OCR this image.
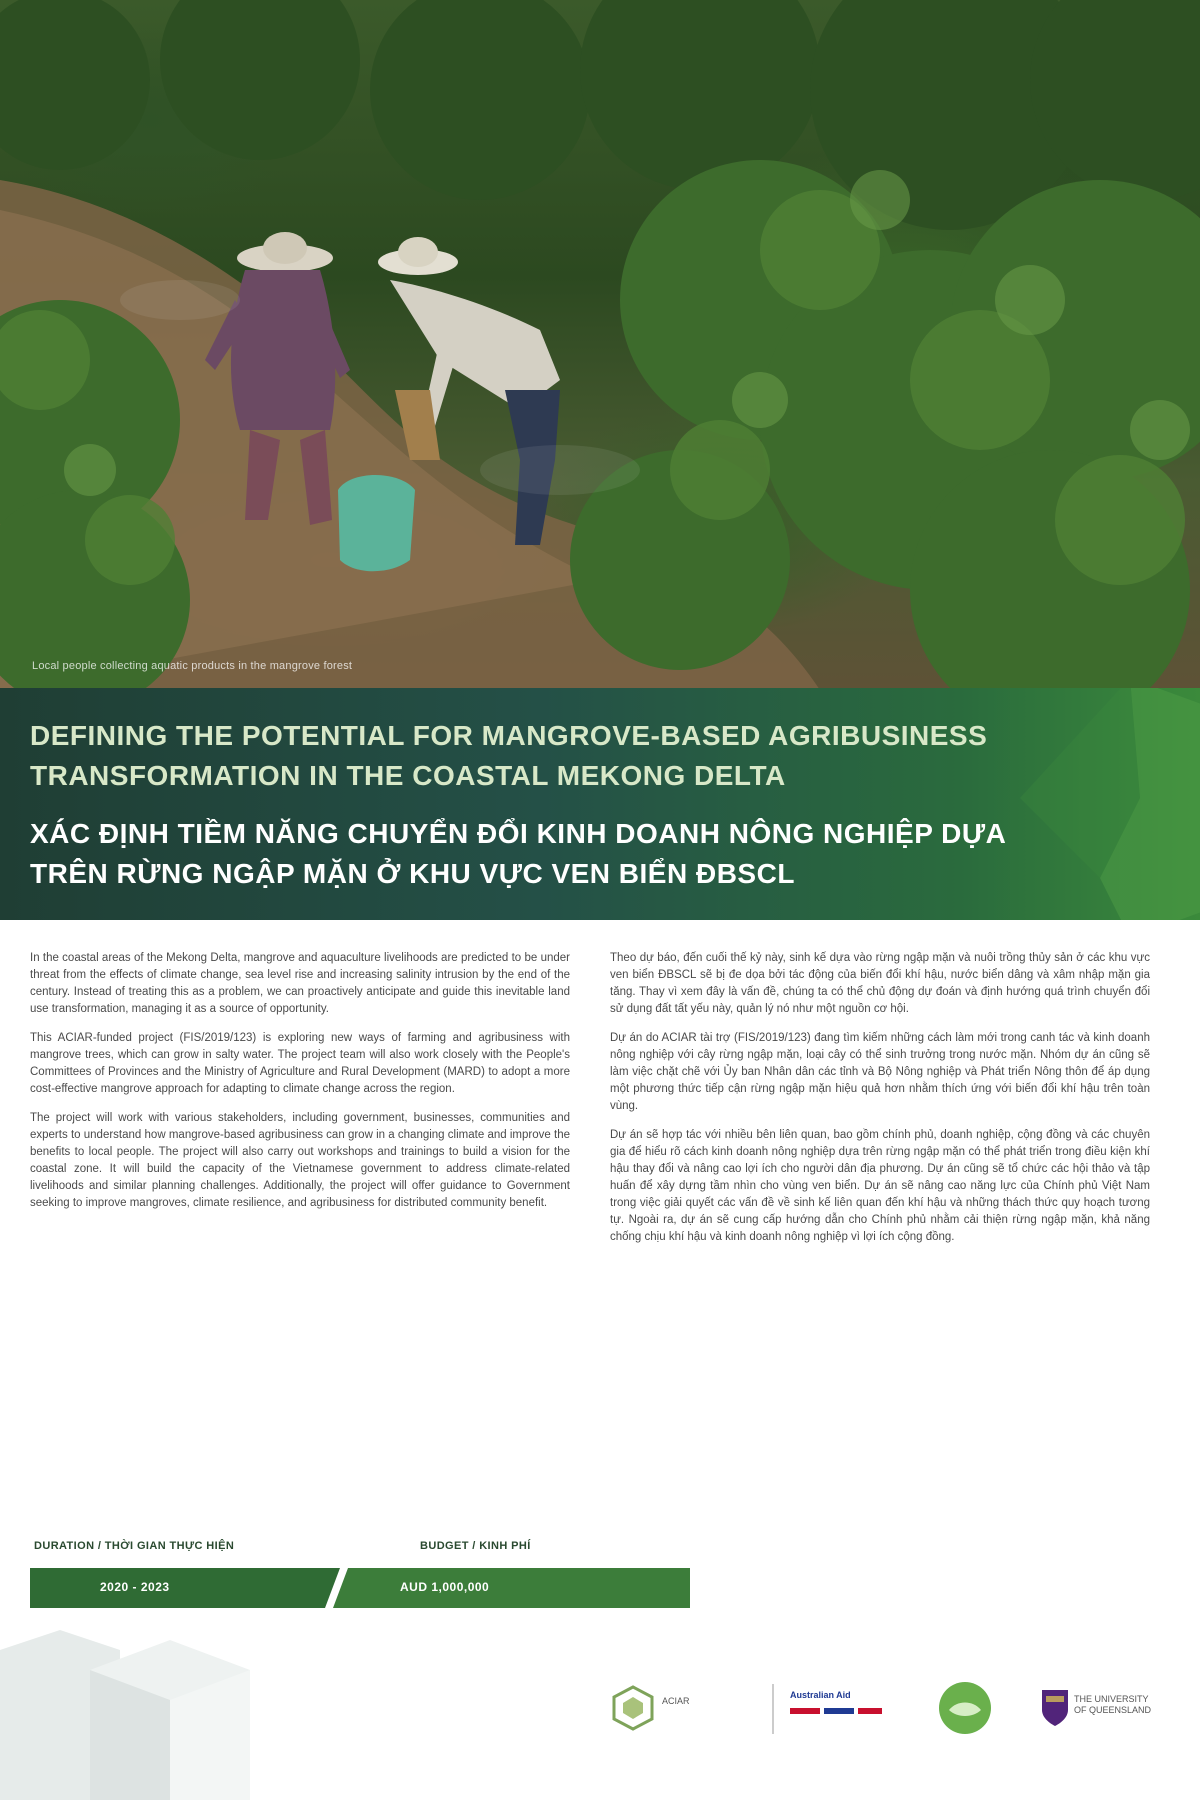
Local people collecting aquatic products in the mangrove forest
DEFINING THE POTENTIAL FOR MANGROVE-BASED AGRIBUSINESS TRANSFORMATION IN THE COASTAL MEKONG DELTA
XÁC ĐỊNH TIỀM NĂNG CHUYỂN ĐỔI KINH DOANH NÔNG NGHIỆP DỰA TRÊN RỪNG NGẬP MẶN Ở KHU VỰC VEN BIỂN ĐBSCL

In the coastal areas of the Mekong Delta, mangrove and aquaculture livelihoods are predicted to be under threat from the effects of climate change, sea level rise and increasing salinity intrusion by the end of the century. Instead of treating this as a problem, we can proactively anticipate and guide this inevitable land use transformation, managing it as a source of opportunity.

This ACIAR-funded project (FIS/2019/123) is exploring new ways of farming and agribusiness with mangrove trees, which can grow in salty water. The project team will also work closely with the People's Committees of Provinces and the Ministry of Agriculture and Rural Development (MARD) to adopt a more cost-effective mangrove approach for adapting to climate change across the region.

The project will work with various stakeholders, including government, businesses, communities and experts to understand how mangrove-based agribusiness can grow in a changing climate and improve the benefits to local people. The project will also carry out workshops and trainings to build a vision for the coastal zone. It will build the capacity of the Vietnamese government to address climate-related livelihoods and similar planning challenges. Additionally, the project will offer guidance to Government seeking to improve mangroves, climate resilience, and agribusiness for distributed community benefit.

Theo dự báo, đến cuối thế kỷ này, sinh kế dựa vào rừng ngập mặn và nuôi trồng thủy sản ở các khu vực ven biển ĐBSCL sẽ bị đe dọa bởi tác động của biến đổi khí hậu, nước biển dâng và xâm nhập mặn gia tăng. Thay vì xem đây là vấn đề, chúng ta có thể chủ động dự đoán và định hướng quá trình chuyển đổi sử dụng đất tất yếu này, quản lý nó như một nguồn cơ hội.

Dự án do ACIAR tài trợ (FIS/2019/123) đang tìm kiếm những cách làm mới trong canh tác và kinh doanh nông nghiệp với cây rừng ngập mặn, loại cây có thể sinh trưởng trong nước mặn. Nhóm dự án cũng sẽ làm việc chặt chẽ với Ủy ban Nhân dân các tỉnh và Bộ Nông nghiệp và Phát triển Nông thôn để áp dụng một phương thức tiếp cận rừng ngập mặn hiệu quả hơn nhằm thích ứng với biến đổi khí hậu trên toàn vùng.

Dự án sẽ hợp tác với nhiều bên liên quan, bao gồm chính phủ, doanh nghiệp, cộng đồng và các chuyên gia để hiểu rõ cách kinh doanh nông nghiệp dựa trên rừng ngập mặn có thể phát triển trong điều kiện khí hậu thay đổi và nâng cao lợi ích cho người dân địa phương. Dự án cũng sẽ tổ chức các hội thảo và tập huấn để xây dựng tầm nhìn cho vùng ven biển. Dự án sẽ nâng cao năng lực của Chính phủ Việt Nam trong việc giải quyết các vấn đề về sinh kế liên quan đến khí hậu và những thách thức quy hoạch tương tự. Ngoài ra, dự án sẽ cung cấp hướng dẫn cho Chính phủ nhằm cải thiện rừng ngập mặn, khả năng chống chịu khí hậu và kinh doanh nông nghiệp vì lợi ích cộng đồng.

DURATION / THỜI GIAN THỰC HIỆN	BUDGET / KINH PHÍ
2020 - 2023	AUD 1,000,000
ACIAR
Australian Aid	THE UNIVERSITY OF QUEENSLAND
